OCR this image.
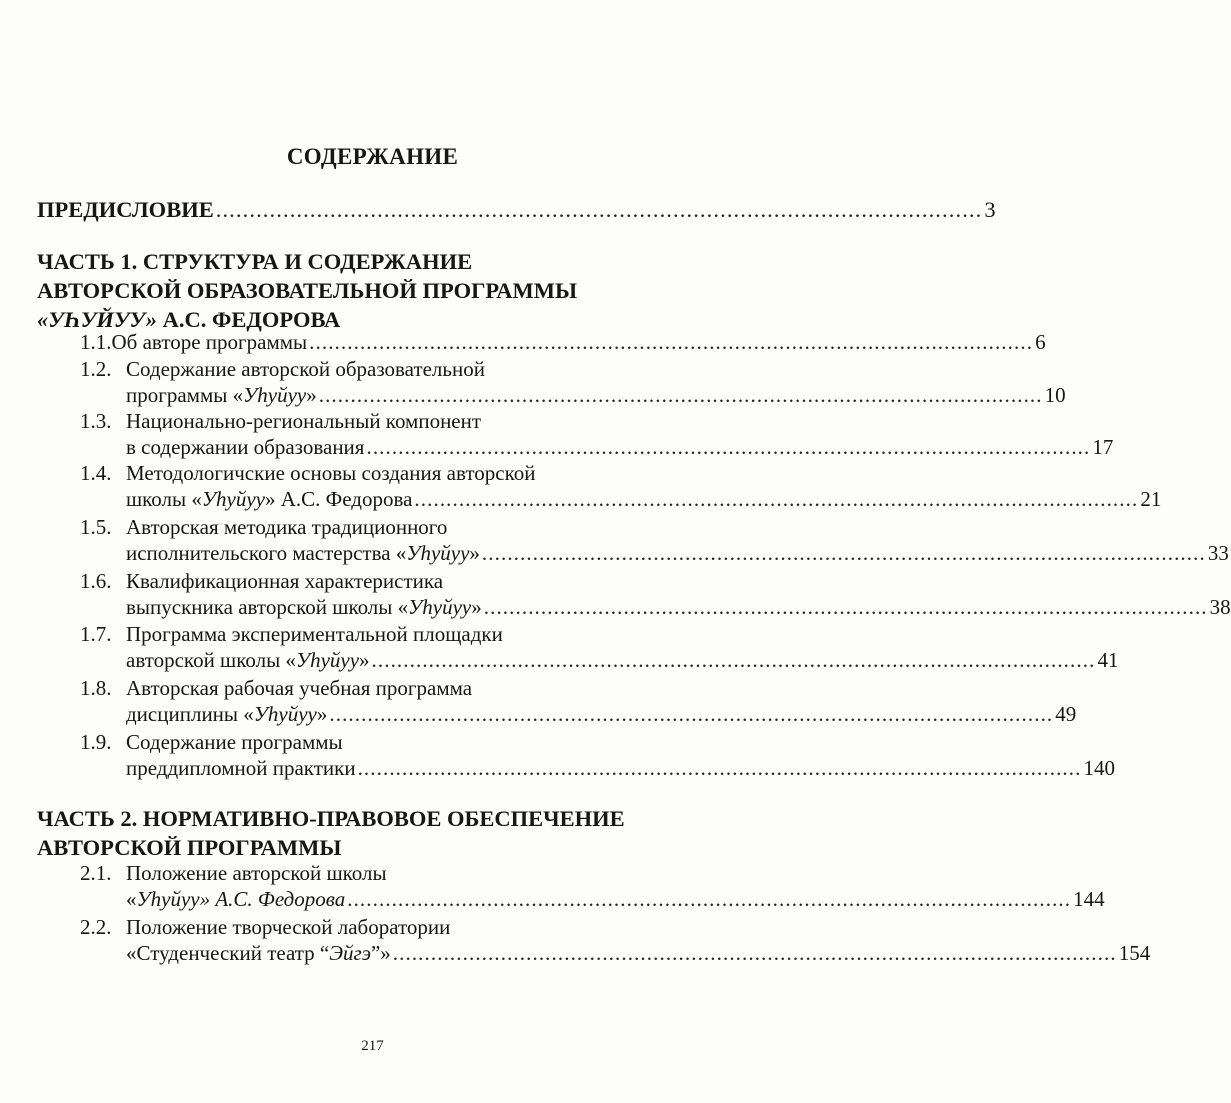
СОДЕРЖАНИЕ
ПРЕДИСЛОВИЕ .................................................................................................................. 3
ЧАСТЬ 1. СТРУКТУРА И СОДЕРЖАНИЕ
АВТОРСКОЙ ОБРАЗОВАТЕЛЬНОЙ ПРОГРАММЫ
«УҺУЙУУ» А.С. ФЕДОРОВА
1.1. Об авторе программы .................................................................................................................. 6
1.2. Содержание авторской образовательной
программы «Уһуйуу» .................................................................................................................. 10
1.3. Национально-региональный компонент
в содержании образования .................................................................................................................. 17
1.4. Методологичские основы создания авторской
школы «Уһуйуу» А.С. Федорова .................................................................................................................. 21
1.5. Авторская методика традиционного
исполнительского мастерства «Уһуйуу» .................................................................................................................. 33
1.6. Квалификационная характеристика
выпускника авторской школы «Уһуйуу» .................................................................................................................. 38
1.7. Программа экспериментальной площадки
авторской школы «Уһуйуу» .................................................................................................................. 41
1.8. Авторская рабочая учебная программа
дисциплины «Уһуйуу» .................................................................................................................. 49
1.9. Содержание программы
преддипломной практики .................................................................................................................. 140
ЧАСТЬ 2. НОРМАТИВНО-ПРАВОВОЕ ОБЕСПЕЧЕНИЕ
АВТОРСКОЙ ПРОГРАММЫ
2.1. Положение авторской школы
«Уһуйуу» А.С. Федорова .................................................................................................................. 144
2.2. Положение творческой лаборатории
«Студенческий театр “Эйгэ”» .................................................................................................................. 154
217
